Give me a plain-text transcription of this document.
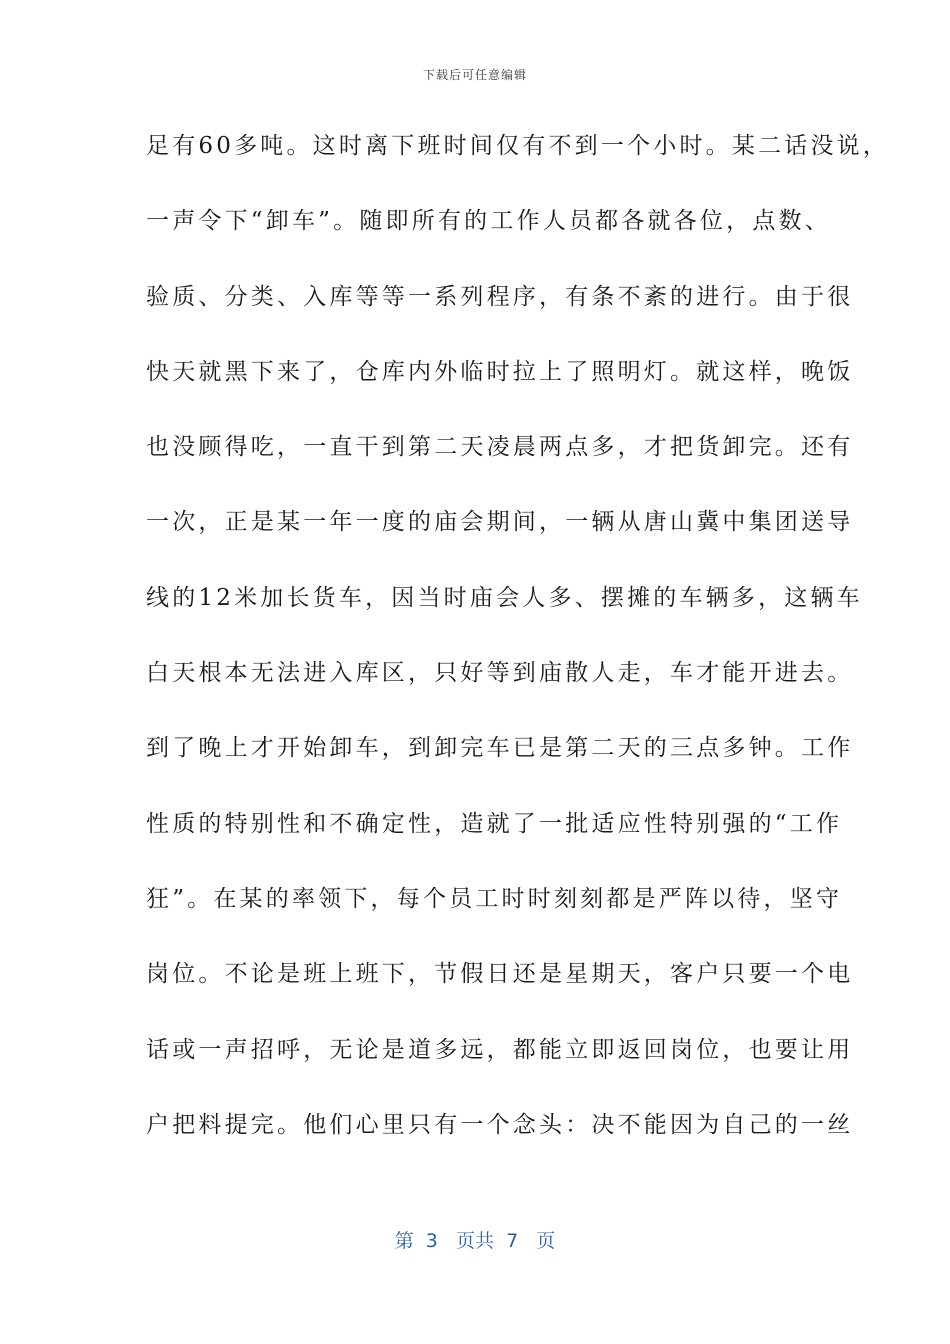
下载后可任意编辑
足有60多吨。这时离下班时间仅有不到一个小时。某二话没说，
一声令下“卸车”。随即所有的工作人员都各就各位，点数、
验质、分类、入库等等一系列程序，有条不紊的进行。由于很
快天就黑下来了，仓库内外临时拉上了照明灯。就这样，晚饭
也没顾得吃，一直干到第二天凌晨两点多，才把货卸完。还有
一次，正是某一年一度的庙会期间，一辆从唐山冀中集团送导
线的12米加长货车，因当时庙会人多、摆摊的车辆多，这辆车
白天根本无法进入库区，只好等到庙散人走，车才能开进去。
到了晚上才开始卸车，到卸完车已是第二天的三点多钟。工作
性质的特别性和不确定性，造就了一批适应性特别强的“工作
狂”。在某的率领下，每个员工时时刻刻都是严阵以待，坚守
岗位。不论是班上班下，节假日还是星期天，客户只要一个电
话或一声招呼，无论是道多远，都能立即返回岗位，也要让用
户把料提完。他们心里只有一个念头：决不能因为自己的一丝
第  3   页共  7   页
